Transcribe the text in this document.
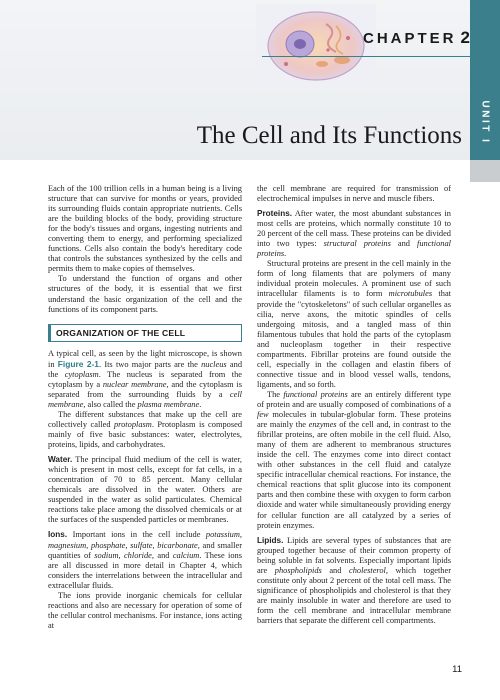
CHAPTER 2
The Cell and Its Functions UNIT I

Each of the 100 trillion cells in a human being is a living structure that can survive for months or years, provided its surrounding fluids contain appropriate nutrients. Cells are the building blocks of the body, providing structure for the body's tissues and organs, ingesting nutrients and converting them to energy, and performing specialized functions. Cells also contain the body's hereditary code that controls the substances synthesized by the cells and permits them to make copies of themselves.

To understand the function of organs and other structures of the body, it is essential that we first understand the basic organization of the cell and the functions of its component parts.

ORGANIZATION OF THE CELL

A typical cell, as seen by the light microscope, is shown in Figure 2-1. Its two major parts are the nucleus and the cytoplasm. The nucleus is separated from the cytoplasm by a nuclear membrane, and the cytoplasm is separated from the surrounding fluids by a cell membrane, also called the plasma membrane.

The different substances that make up the cell are collectively called protoplasm. Protoplasm is composed mainly of five basic substances: water, electrolytes, proteins, lipids, and carbohydrates.

Water. The principal fluid medium of the cell is water, which is present in most cells, except for fat cells, in a concentration of 70 to 85 percent. Many cellular chemicals are dissolved in the water. Others are suspended in the water as solid particulates. Chemical reactions take place among the dissolved chemicals or at the surfaces of the suspended particles or membranes.

Ions. Important ions in the cell include potassium, magnesium, phosphate, sulfate, bicarbonate, and smaller quantities of sodium, chloride, and calcium. These ions are all discussed in more detail in Chapter 4, which considers the interrelations between the intracellular and extracellular fluids.

The ions provide inorganic chemicals for cellular reactions and also are necessary for operation of some of the cellular control mechanisms. For instance, ions acting at

the cell membrane are required for transmission of electrochemical impulses in nerve and muscle fibers.

Proteins. After water, the most abundant substances in most cells are proteins, which normally constitute 10 to 20 percent of the cell mass. These proteins can be divided into two types: structural proteins and functional proteins.

Structural proteins are present in the cell mainly in the form of long filaments that are polymers of many individual protein molecules. A prominent use of such intracellular filaments is to form microtubules that provide the "cytoskeletons" of such cellular organelles as cilia, nerve axons, the mitotic spindles of cells undergoing mitosis, and a tangled mass of thin filamentous tubules that hold the parts of the cytoplasm and nucleoplasm together in their respective compartments. Fibrillar proteins are found outside the cell, especially in the collagen and elastin fibers of connective tissue and in blood vessel walls, tendons, ligaments, and so forth.

The functional proteins are an entirely different type of protein and are usually composed of combinations of a few molecules in tubular-globular form. These proteins are mainly the enzymes of the cell and, in contrast to the fibrillar proteins, are often mobile in the cell fluid. Also, many of them are adherent to membranous structures inside the cell. The enzymes come into direct contact with other substances in the cell fluid and catalyze specific intracellular chemical reactions. For instance, the chemical reactions that split glucose into its component parts and then combine these with oxygen to form carbon dioxide and water while simultaneously providing energy for cellular function are all catalyzed by a series of protein enzymes.

Lipids. Lipids are several types of substances that are grouped together because of their common property of being soluble in fat solvents. Especially important lipids are phospholipids and cholesterol, which together constitute only about 2 percent of the total cell mass. The significance of phospholipids and cholesterol is that they are mainly insoluble in water and therefore are used to form the cell membrane and intracellular membrane barriers that separate the different cell compartments.

11
